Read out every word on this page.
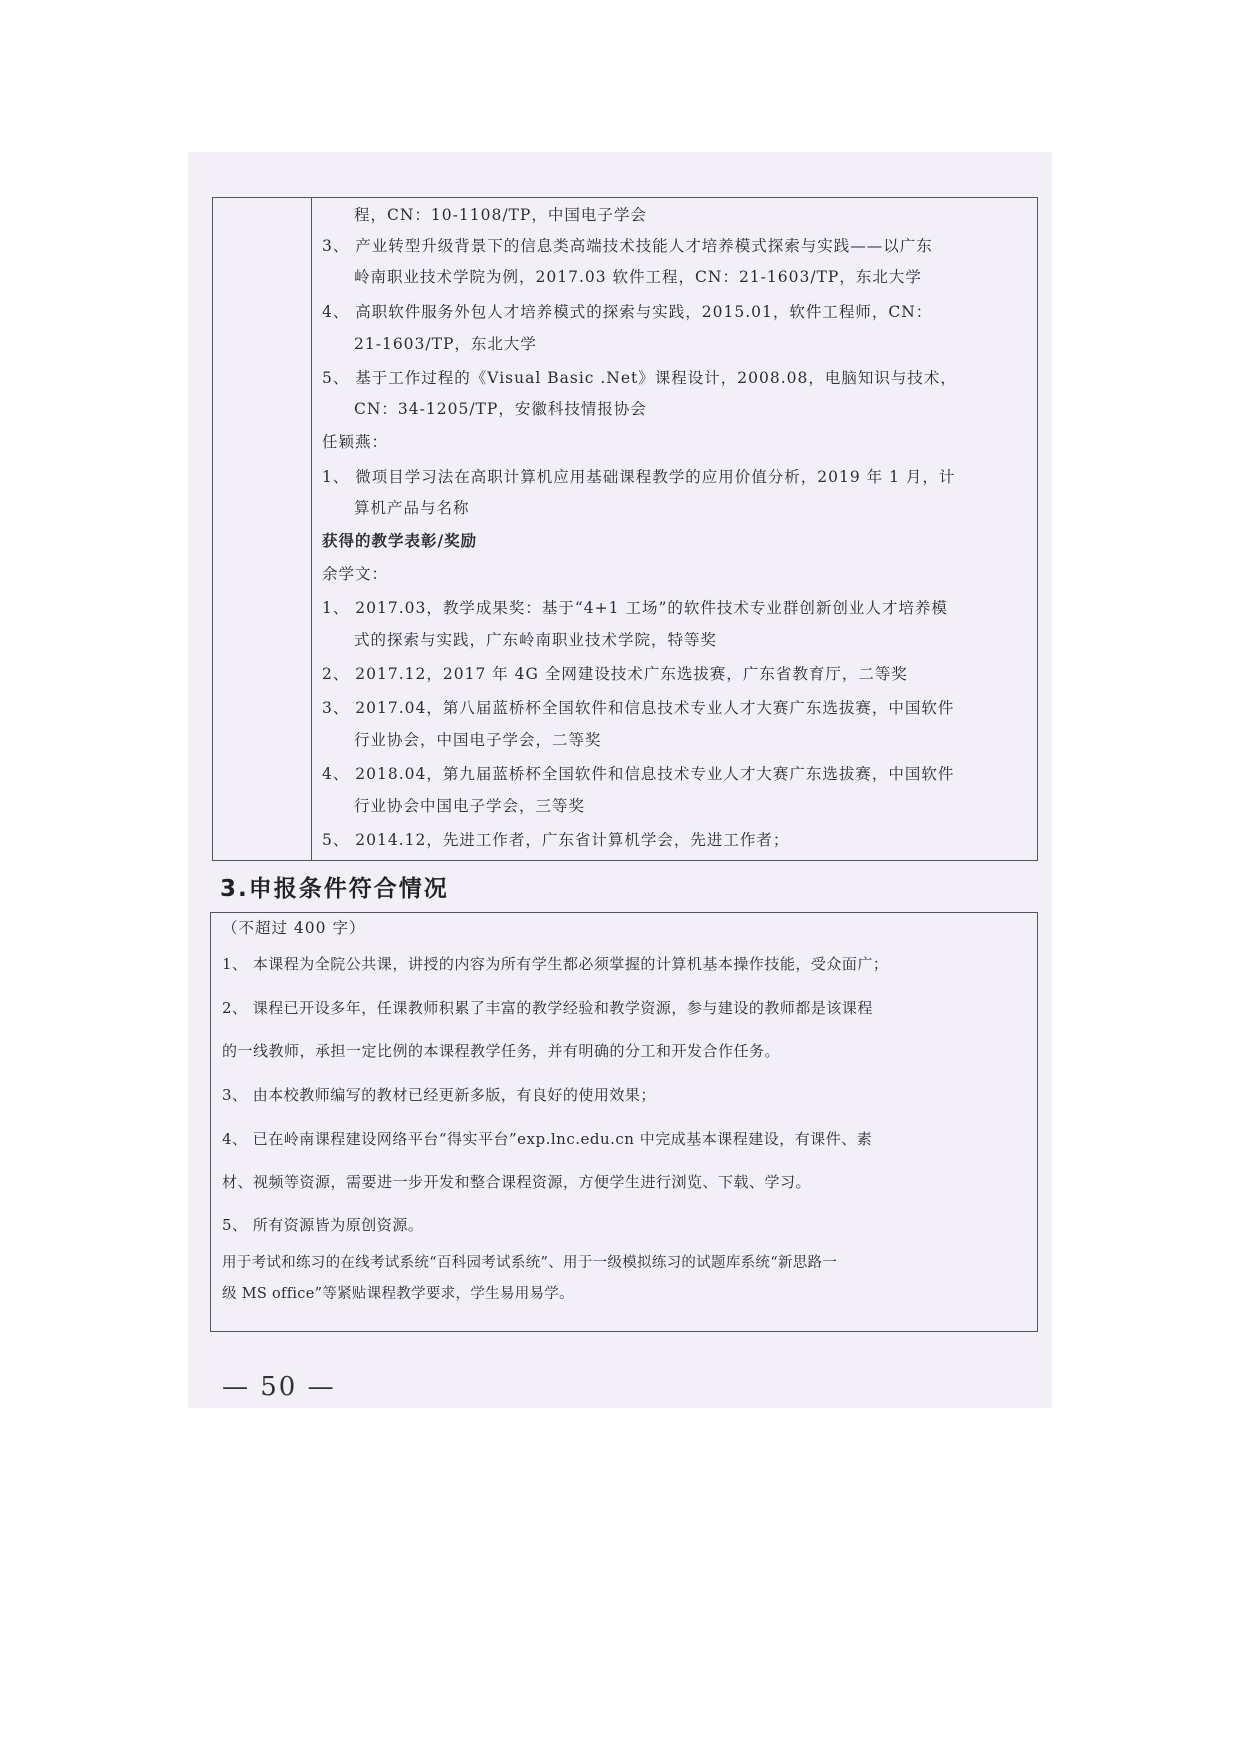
程，CN：10-1108/TP，中国电子学会
3、 产业转型升级背景下的信息类高端技术技能人才培养模式探索与实践——以广东
岭南职业技术学院为例，2017.03 软件工程，CN：21-1603/TP，东北大学
4、 高职软件服务外包人才培养模式的探索与实践，2015.01，软件工程师，CN：
21-1603/TP，东北大学
5、 基于工作过程的《Visual Basic .Net》课程设计，2008.08，电脑知识与技术，
CN：34-1205/TP，安徽科技情报协会
任颖燕：
1、 微项目学习法在高职计算机应用基础课程教学的应用价值分析，2019 年 1 月，计
算机产品与名称
获得的教学表彰/奖励
余学文：
1、 2017.03，教学成果奖：基于“4+1 工场”的软件技术专业群创新创业人才培养模
式的探索与实践，广东岭南职业技术学院，特等奖
2、 2017.12，2017 年 4G 全网建设技术广东选拔赛，广东省教育厅，二等奖
3、 2017.04，第八届蓝桥杯全国软件和信息技术专业人才大赛广东选拔赛，中国软件
行业协会，中国电子学会，二等奖
4、 2018.04，第九届蓝桥杯全国软件和信息技术专业人才大赛广东选拔赛，中国软件
行业协会中国电子学会，三等奖
5、 2014.12，先进工作者，广东省计算机学会，先进工作者；
3.申报条件符合情况
（不超过 400 字）
1、 本课程为全院公共课，讲授的内容为所有学生都必须掌握的计算机基本操作技能，受众面广；
2、 课程已开设多年，任课教师积累了丰富的教学经验和教学资源，参与建设的教师都是该课程
的一线教师，承担一定比例的本课程教学任务，并有明确的分工和开发合作任务。
3、 由本校教师编写的教材已经更新多版，有良好的使用效果；
4、 已在岭南课程建设网络平台“得实平台”exp.lnc.edu.cn 中完成基本课程建设，有课件、素
材、视频等资源，需要进一步开发和整合课程资源，方便学生进行浏览、下载、学习。
5、 所有资源皆为原创资源。
用于考试和练习的在线考试系统“百科园考试系统”、用于一级模拟练习的试题库系统“新思路一
级 MS office”等紧贴课程教学要求，学生易用易学。
— 50 —
